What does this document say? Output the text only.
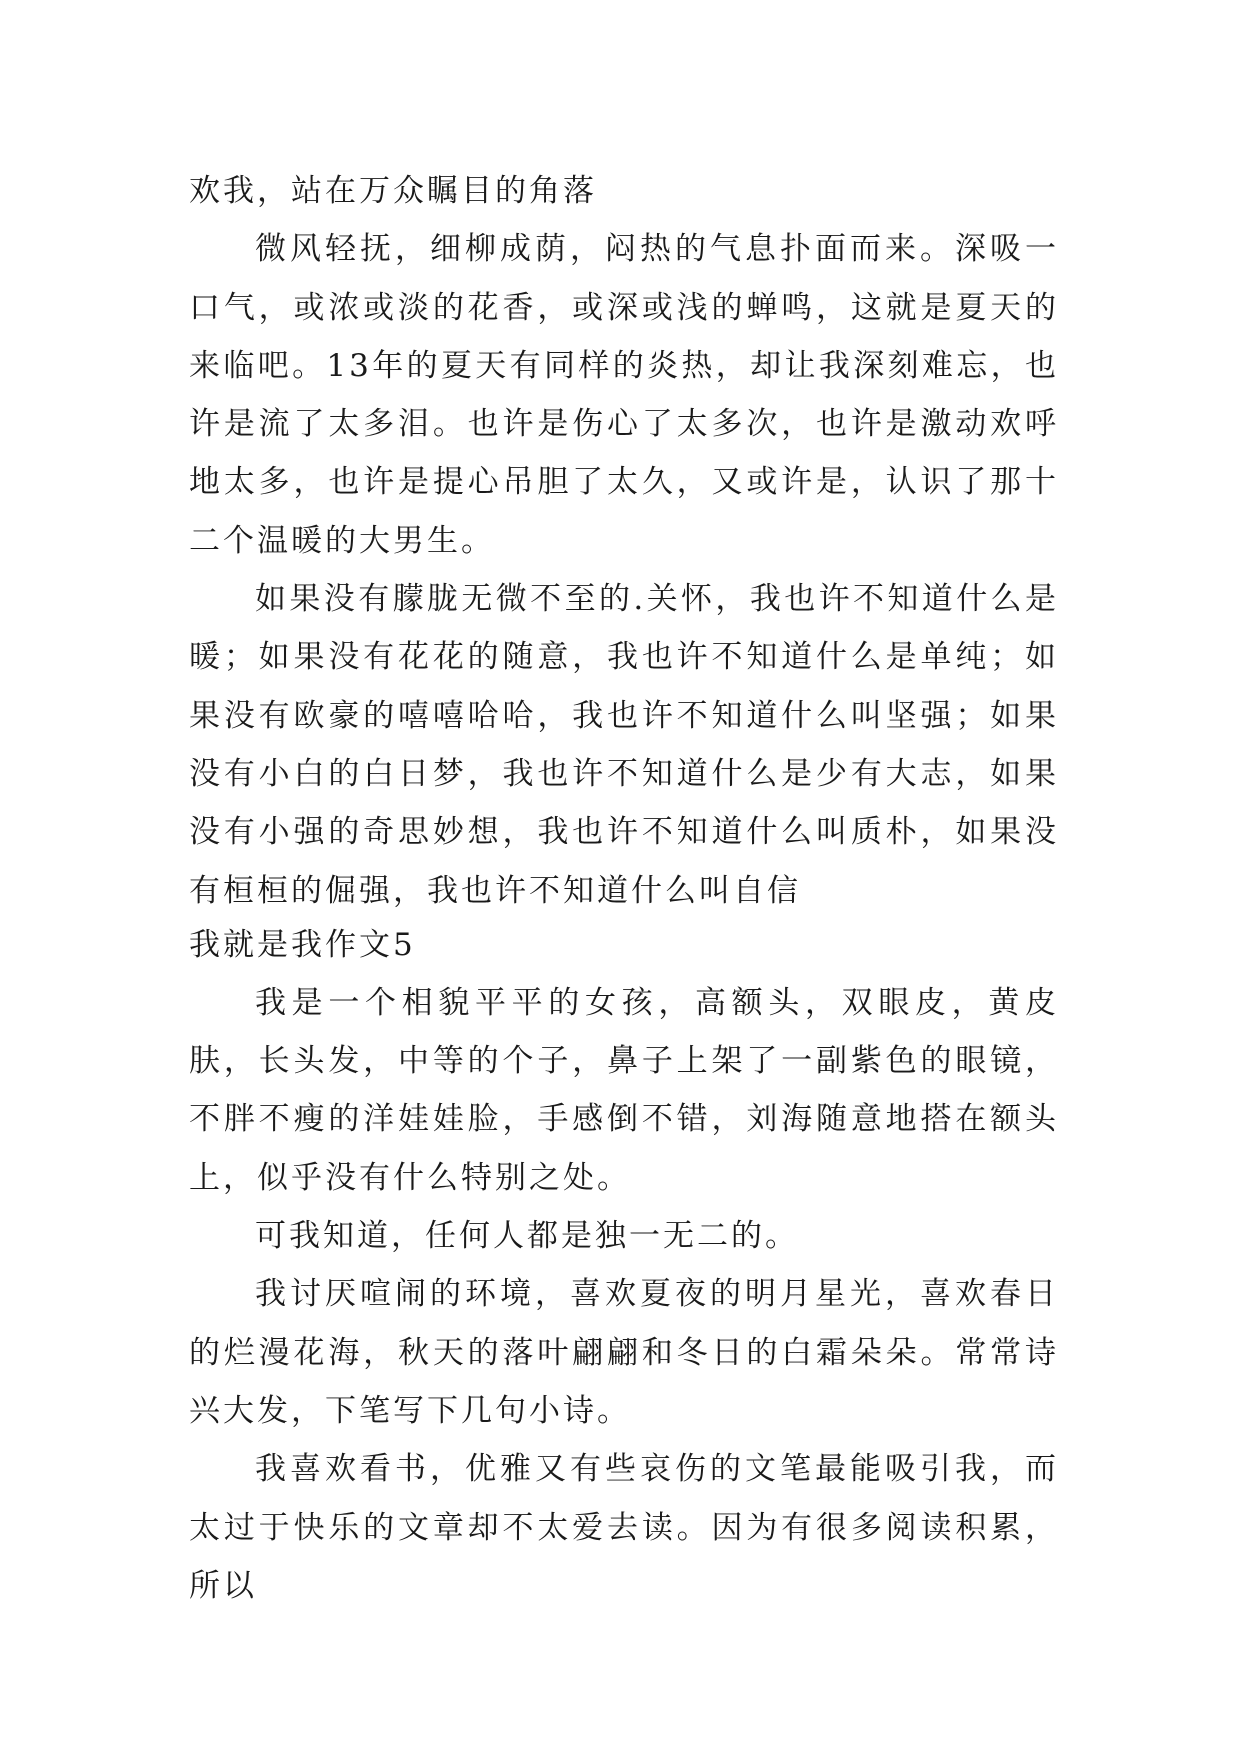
欢我，站在万众瞩目的角落

微风轻抚，细柳成荫，闷热的气息扑面而来。深吸一口气，或浓或淡的花香，或深或浅的蝉鸣，这就是夏天的来临吧。13年的夏天有同样的炎热，却让我深刻难忘，也许是流了太多泪。也许是伤心了太多次，也许是激动欢呼地太多，也许是提心吊胆了太久，又或许是，认识了那十二个温暖的大男生。

如果没有朦胧无微不至的.关怀，我也许不知道什么是暖；如果没有花花的随意，我也许不知道什么是单纯；如果没有欧豪的嘻嘻哈哈，我也许不知道什么叫坚强；如果没有小白的白日梦，我也许不知道什么是少有大志，如果没有小强的奇思妙想，我也许不知道什么叫质朴，如果没有桓桓的倔强，我也许不知道什么叫自信

我就是我作文5

我是一个相貌平平的女孩，高额头，双眼皮，黄皮肤，长头发，中等的个子，鼻子上架了一副紫色的眼镜，不胖不瘦的洋娃娃脸，手感倒不错，刘海随意地搭在额头上，似乎没有什么特别之处。

可我知道，任何人都是独一无二的。

我讨厌喧闹的环境，喜欢夏夜的明月星光，喜欢春日的烂漫花海，秋天的落叶翩翩和冬日的白霜朵朵。常常诗兴大发，下笔写下几句小诗。

我喜欢看书，优雅又有些哀伤的文笔最能吸引我，而太过于快乐的文章却不太爱去读。因为有很多阅读积累，所以
